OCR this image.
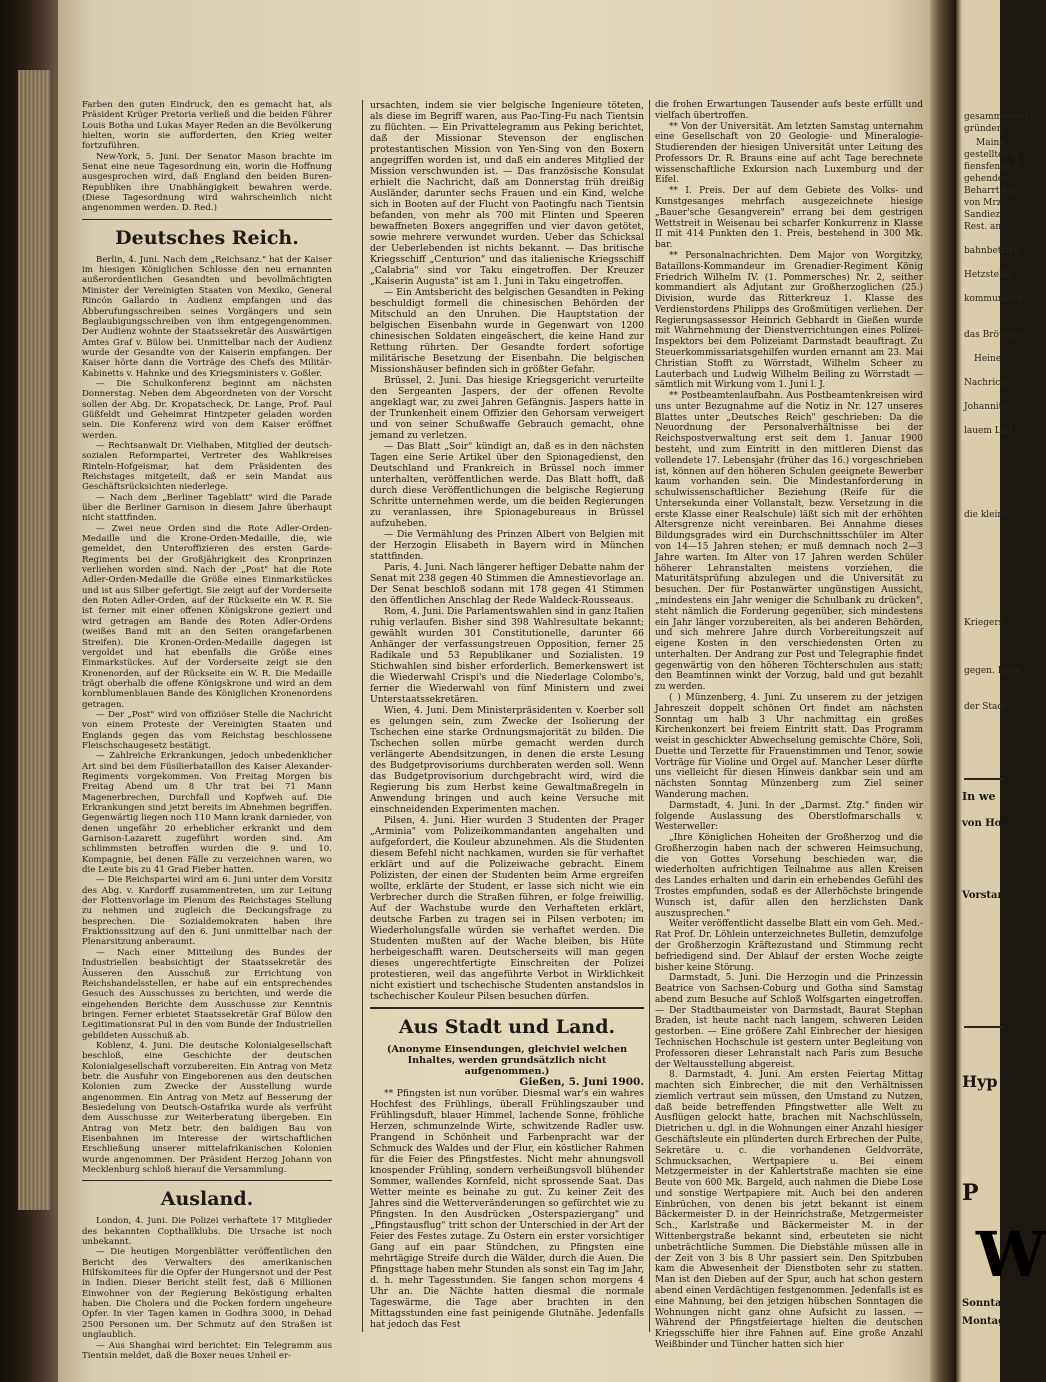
Farben den guten Eindruck, den es gemacht hat, als Präsident Krüger Pretoria verließ und die beiden Führer Louis Botha und Lukas Mayer Reden an die Bevölkerung hielten, worin sie aufforderten, den Krieg weiter fortzuführen.

New-York, 5. Juni. Der Senator Mason brachte im Senat eine neue Tagesordnung ein, worin die Hoffnung ausgesprochen wird, daß England den beiden Buren-Republiken ihre Unabhängigkeit bewahren werde. (Diese Tagesordnung wird wahrscheinlich nicht angenommen werden. D. Red.)

Deutsches Reich.

Berlin, 4. Juni. Nach dem „Reichsanz." hat der Kaiser im hiesigen Königlichen Schlosse den neu ernannten außerordentlichen Gesandten und bevollmächtigten Minister der Vereinigten Staaten von Mexiko, General Rincón Gallardo in Audienz empfangen und das Abberufungsschreiben seines Vorgängers und sein Beglaubigungsschreiben von ihm entgegengenommen. Der Audienz wohnte der Staatssekretär des Auswärtigen Amtes Graf v. Bülow bei. Unmittelbar nach der Audienz wurde der Gesandte von der Kaiserin empfangen. Der Kaiser hörte dann die Vorträge des Chefs des Militär-Kabinetts v. Hahnke und des Kriegsministers v. Goßler.

— Die Schulkonferenz beginnt am nächsten Donnerstag. Neben dem Abgeordneten von der Vorscht sollen der Abg. Dr. Kropatscheck, Dr. Lange, Prof. Paul Güßfeldt und Geheimrat Hintzpeter geladen worden sein. Die Konferenz wird von dem Kaiser eröffnet werden.

— Rechtsanwalt Dr. Vielhaben, Mitglied der deutsch-sozialen Reformpartei, Vertreter des Wahlkreises Rinteln-Hofgeismar, hat dem Präsidenten des Reichstages mitgeteilt, daß er sein Mandat aus Geschäftsrücksichten niederlege.

— Nach dem „Berliner Tageblatt" wird die Parade über die Berliner Garnison in diesem Jahre überhaupt nicht stattfinden.

— Zwei neue Orden sind die Rote Adler-Orden-Medaille und die Krone-Orden-Medaille, die, wie gemeldet, den Unteroffizieren des ersten Garde-Regiments bei der Großjährigkeit des Kronprinzen verliehen worden sind. Nach der „Post" hat die Rote Adler-Orden-Medaille die Größe eines Einmarkstückes und ist aus Silber gefertigt. Sie zeigt auf der Vorderseite den Roten Adler-Orden, auf der Rückseite ein W. R. Sie ist ferner mit einer offenen Königskrone geziert und wird getragen am Bande des Roten Adler-Ordens (weißes Band mit an den Seiten orangefarbenen Streifen). Die Kronen-Orden-Medaille dagegen ist vergoldet und hat ebenfalls die Größe eines Einmarkstückes. Auf der Vorderseite zeigt sie den Kronenorden, auf der Rückseite ein W. R. Die Medaille trägt oberhalb die offene Königskrone und wird an dem kornblumenblauen Bande des Königlichen Kronenordens getragen.

— Der „Post" wird von offiziöser Stelle die Nachricht von einem Proteste der Vereinigten Staaten und Englands gegen das vom Reichstag beschlossene Fleischschaugesetz bestätigt.

— Zahlreiche Erkrankungen, jedoch unbedenklicher Art sind bei dem Füsilierbataillon des Kaiser Alexander-Regiments vorgekommen. Von Freitag Morgen bis Freitag Abend um 8 Uhr trat bei 71 Mann Magenerbrechen, Durchfall und Kopfweh auf. Die Erkrankungen sind jetzt bereits im Abnehmen begriffen. Gegenwärtig liegen noch 110 Mann krank darnieder, von denen ungefähr 20 erheblicher erkrankt und dem Garnison-Lazarett zugeführt worden sind. Am schlimmsten betroffen wurden die 9. und 10. Kompagnie, bei denen Fälle zu verzeichnen waren, wo die Leute bis zu 41 Grad Fieber hatten.

— Die Reichspartei wird am 6. Juni unter dem Vorsitz des Abg. v. Kardorff zusammentreten, um zur Leitung der Flottenvorlage im Plenum des Reichstages Stellung zu nehmen und zugleich die Deckungsfrage zu besprechen. Die Sozialdemokraten haben ihre Fraktionssitzung auf den 6. Juni unmittelbar nach der Plenarsitzung anberaumt.

— Nach einer Mitteilung des Bundes der Industriellen beabsichtigt der Staatssekretär des Äusseren den Ausschuß zur Errichtung von Reichshandelsstellen, er habe auf ein entsprechendes Gesuch des Ausschusses zu berichten, und werde die eingehenden Berichte dem Ausschusse zur Kenntnis bringen. Ferner erbietet Staatssekretär Graf Bülow den Legitimationsrat Pul in den vom Bunde der Industriellen gebildeten Ausschuß ab.

Koblenz, 4. Juni. Die deutsche Kolonialgesellschaft beschloß, eine Geschichte der deutschen Kolonialgesellschaft vorzubereiten. Ein Antrag von Metz betr. die Ausfuhr von Eingeborenen aus den deutschen Kolonien zum Zwecke der Ausstellung wurde angenommen. Ein Antrag von Metz auf Besserung der Besiedelung von Deutsch-Ostafrika wurde als verfrüht dem Ausschusse zur Weiterberatung übergeben. Ein Antrag von Metz betr. den baldigen Bau von Eisenbahnen im Interesse der wirtschaftlichen Erschließung unserer mittelafrikanischen Kolonien wurde angenommen. Der Präsident Herzog Johann von Mecklenburg schloß hierauf die Versammlung.

Ausland.

London, 4. Juni. Die Polizei verhaftete 17 Mitglieder des bekannten Copthallklubs. Die Ursache ist noch unbekannt.

— Die heutigen Morgenblätter veröffentlichen den Bericht des Verwalters des amerikanischen Hilfskomitees für die Opfer der Hungersnot und der Pest in Indien. Dieser Bericht stellt fest, daß 6 Millionen Einwohner von der Regierung Beköstigung erhalten haben. Die Cholera und die Pocken fordern ungeheure Opfer. In vier Tagen kamen in Godhra 3000, in Dehad 2500 Personen um. Der Schmutz auf den Straßen ist unglaublich.

— Aus Shanghai wird berichtet: Ein Telegramm aus Tientsin meldet, daß die Boxer neues Unheil er-

ursachten, indem sie vier belgische Ingenieure töteten, als diese im Begriff waren, aus Pao-Ting-Fu nach Tientsin zu flüchten. — Ein Privattelegramm aus Peking berichtet, daß der Missionar Stevenson der englischen protestantischen Mission von Yen-Sing von den Boxern angegriffen worden ist, und daß ein anderes Mitglied der Mission verschwunden ist. — Das französische Konsulat erhielt die Nachricht, daß am Donnerstag früh dreißig Ausländer, darunter sechs Frauen und ein Kind, welche sich in Booten auf der Flucht von Paotingfu nach Tientsin befanden, von mehr als 700 mit Flinten und Speeren bewaffneten Boxers angegriffen und vier davon getötet, sowie mehrere verwundet wurden. Ueber das Schicksal der Ueberlebenden ist nichts bekannt. — Das britische Kriegsschiff „Centurion" und das italienische Kriegsschiff „Calabria" sind vor Taku eingetroffen. Der Kreuzer „Kaiserin Augusta" ist am 1. Juni in Taku eingetroffen.

— Ein Amtsbericht des belgischen Gesandten in Peking beschuldigt formell die chinesischen Behörden der Mitschuld an den Unruhen. Die Hauptstation der belgischen Eisenbahn wurde in Gegenwart von 1200 chinesischen Soldaten eingeäschert, die keine Hand zur Rettung rührten. Der Gesandte fordert sofortige militärische Besetzung der Eisenbahn. Die belgischen Missionshäuser befinden sich in größter Gefahr.

Brüssel, 2. Juni. Das hiesige Kriegsgericht verurteilte den Sergeanten Jaspers, der der offenen Revolte angeklagt war, zu zwei Jahren Gefängnis. Jaspers hatte in der Trunkenheit einem Offizier den Gehorsam verweigert und von seiner Schußwaffe Gebrauch gemacht, ohne jemand zu verletzen.

— Das Blatt „Soir" kündigt an, daß es in den nächsten Tagen eine Serie Artikel über den Spionagedienst, den Deutschland und Frankreich in Brüssel noch immer unterhalten, veröffentlichen werde. Das Blatt hofft, daß durch diese Veröffentlichungen die belgische Regierung Schritte unternehmen werde, um die beiden Regierungen zu veranlassen, ihre Spionagebureaus in Brüssel aufzuheben.

— Die Vermählung des Prinzen Albert von Belgien mit der Herzogin Elisabeth in Bayern wird in München stattfinden.

Paris, 4. Juni. Nach längerer heftiger Debatte nahm der Senat mit 238 gegen 40 Stimmen die Amnestievorlage an. Der Senat beschloß sodann mit 178 gegen 41 Stimmen den öffentlichen Anschlag der Rede Waldeck-Rousseaus.

Rom, 4. Juni. Die Parlamentswahlen sind in ganz Italien ruhig verlaufen. Bisher sind 398 Wahlresultate bekannt; gewählt wurden 301 Constitutionelle, darunter 66 Anhänger der verfassungstreuen Opposition, ferner 25 Radikale und 53 Republikaner und Sozialisten. 19 Stichwahlen sind bisher erforderlich. Bemerkenswert ist die Wiederwahl Crispi's und die Niederlage Colombo's, ferner die Wiederwahl von fünf Ministern und zwei Unterstaatssekretären.

Wien, 4. Juni. Dem Ministerpräsidenten v. Koerber soll es gelungen sein, zum Zwecke der Isolierung der Tschechen eine starke Ordnungsmajorität zu bilden. Die Tschechen sollen mürbe gemacht werden durch verlängerte Abendsitzungen, in denen die erste Lesung des Budgetprovisoriums durchberaten werden soll. Wenn das Budgetprovisorium durchgebracht wird, wird die Regierung bis zum Herbst keine Gewaltmaßregeln in Anwendung bringen und auch keine Versuche mit einschneidenden Experimenten machen.

Pilsen, 4. Juni. Hier wurden 3 Studenten der Prager „Arminia" vom Polizeikommandanten angehalten und aufgefordert, die Kouleur abzunehmen. Als die Studenten diesem Befehl nicht nachkamen, wurden sie für verhaftet erklärt und auf die Polizeiwache gebracht. Einem Polizisten, der einen der Studenten beim Arme ergreifen wollte, erklärte der Student, er lasse sich nicht wie ein Verbrecher durch die Straßen führen, er folge freiwillig. Auf der Wachstube wurde den Verhafteten erklärt, deutsche Farben zu tragen sei in Pilsen verboten; im Wiederholungsfalle würden sie verhaftet werden. Die Studenten mußten auf der Wache bleiben, bis Hüte herbeigeschafft waren. Deutscherseits will man gegen dieses ungerechtfertigte Einschreiten der Polizei protestieren, weil das angeführte Verbot in Wirklichkeit nicht existiert und tschechische Studenten anstandslos in tschechischer Kouleur Pilsen besuchen dürfen.

Aus Stadt und Land.

(Anonyme Einsendungen, gleichviel welchen Inhaltes, werden grundsätzlich nicht aufgenommen.)

Gießen, 5. Juni 1900.

** Pfingsten ist nun vorüber. Diesmal war's ein wahres Hochfest des Frühlings, überall Frühlingszauber und Frühlingsduft, blauer Himmel, lachende Sonne, fröhliche Herzen, schmunzelnde Wirte, schwitzende Radler usw. Prangend in Schönheit und Farbenpracht war der Schmuck des Waldes und der Flur, ein köstlicher Rahmen für die Feier des Pfingstfestes. Nicht mehr ahnungsvoll knospender Frühling, sondern verheißungsvoll blühender Sommer, wallendes Kornfeld, nicht sprossende Saat. Das Wetter meinte es beinahe zu gut. Zu keiner Zeit des Jahres sind die Wetterveränderungen so gefürchtet wie zu Pfingsten. In den Ausdrücken „Osterspaziergang" und „Pfingstausflug" tritt schon der Unterschied in der Art der Feier des Festes zutage. Zu Ostern ein erster vorsichtiger Gang auf ein paar Stündchen, zu Pfingsten eine mehrtägige Streife durch die Wälder, durch die Auen. Die Pfingsttage haben mehr Stunden als sonst ein Tag im Jahr, d. h. mehr Tagesstunden. Sie fangen schon morgens 4 Uhr an. Die Nächte hatten diesmal die normale Tageswärme, die Tage aber brachten in den Mittagsstunden eine fast peinigende Glutnähe. Jedenfalls hat jedoch das Fest

die frohen Erwartungen Tausender aufs beste erfüllt und vielfach übertroffen.

** Von der Universität. Am letzten Samstag unternahm eine Gesellschaft von 20 Geologie- und Mineralogie-Studierenden der hiesigen Universität unter Leitung des Professors Dr. R. Brauns eine auf acht Tage berechnete wissenschaftliche Exkursion nach Luxemburg und der Eifel.

** I. Preis. Der auf dem Gebiete des Volks- und Kunstgesanges mehrfach ausgezeichnete hiesige „Bauer'sche Gesangverein" errang bei dem gestrigen Wettstreit in Weisenau bei scharfer Konkurrenz in Klasse II mit 414 Punkten den 1. Preis, bestehend in 300 Mk. bar.

** Personalnachrichten. Dem Major von Worgitzky, Bataillons-Kommandeur im Grenadier-Regiment König Friedrich Wilhelm IV. (1. Pommersches) Nr. 2, seither kommandiert als Adjutant zur Großherzoglichen (25.) Division, wurde das Ritterkreuz 1. Klasse des Verdienstordens Philipps des Großmütigen verliehen. Der Regierungsassessor Heinrich Gebhardt in Gießen wurde mit Wahrnehmung der Dienstverrichtungen eines Polizei-Inspektors bei dem Polizeiamt Darmstadt beauftragt. Zu Steuerkommissariatsgehilfen wurden ernannt am 23. Mai Christian Stofft zu Wörrstadt, Wilhelm Scheer zu Lauterbach und Ludwig Wilhelm Beiling zu Wörrstadt — sämtlich mit Wirkung vom 1. Juni l. J.

** Postbeamtenlaufbahn. Aus Postbeamtenkreisen wird uns unter Bezugnahme auf die Notiz in Nr. 127 unseres Blattes unter „Deutsches Reich" geschrieben: Da die Neuordnung der Personalverhältnisse bei der Reichspostverwaltung erst seit dem 1. Januar 1900 besteht, und zum Eintritt in den mittleren Dienst das vollendete 17. Lebensjahr (früher das 16.) vorgeschrieben ist, können auf den höheren Schulen geeignete Bewerber kaum vorhanden sein. Die Mindestanforderung in schulwissenschaftlicher Beziehung (Reife für die Untersekunda einer Vollanstalt, bezw. Versetzung in die erste Klasse einer Realschule) läßt sich mit der erhöhten Altersgrenze nicht vereinbaren. Bei Annahme dieses Bildungsgrades wird ein Durchschnittsschüler im Alter von 14—15 Jahren stehen; er muß demnach noch 2—3 Jahre warten. Im Alter von 17 Jahren werden Schüler höherer Lehranstalten meistens vorziehen, die Maturitätsprüfung abzulegen und die Universität zu besuchen. Der für Postanwärter ungünstigen Aussicht, „mindestens ein Jahr weniger die Schulbank zu drücken", steht nämlich die Forderung gegenüber, sich mindestens ein Jahr länger vorzubereiten, als bei anderen Behörden, und sich mehrere Jahre durch Vorbereitungszeit auf eigene Kosten in den verschiedensten Orten zu unterhalten. Der Andrang zur Post und Telegraphie findet gegenwärtig von den höheren Töchterschulen aus statt; den Beamtinnen winkt der Vorzug, bald und gut bezahlt zu werden.

( ) Münzenberg, 4. Juni. Zu unserem zu der jetzigen Jahreszeit doppelt schönen Ort findet am nächsten Sonntag um halb 3 Uhr nachmittag ein großes Kirchenkonzert bei freiem Eintritt statt. Das Programm weist in geschickter Abwechselung gemischte Chöre, Soli, Duette und Terzette für Frauenstimmen und Tenor, sowie Vorträge für Violine und Orgel auf. Mancher Leser dürfte uns vielleicht für diesen Hinweis dankbar sein und am nächsten Sonntag Münzenberg zum Ziel seiner Wanderung machen.

Darmstadt, 4. Juni. In der „Darmst. Ztg." finden wir folgende Auslassung des Oberstlofmarschalls v. Westerweller:

„Ihre Königlichen Hoheiten der Großherzog und die Großherzogin haben nach der schweren Heimsuchung, die von Gottes Vorsehung beschieden war, die wiederholten aufrichtigen Teilnahme aus allen Kreisen des Landes erhalten und darin ein erhebendes Gefühl des Trostes empfunden, sodaß es der Allerhöchste bringende Wunsch ist, dafür allen den herzlichsten Dank auszusprechen."

Weiter veröffentlicht dasselbe Blatt ein vom Geh. Med.-Rat Prof. Dr. Löhlein unterzeichnetes Bulletin, demzufolge der Großherzogin Kräftezustand und Stimmung recht befriedigend sind. Der Ablauf der ersten Woche zeigte bisher keine Störung.

Darmstadt, 5. Juni. Die Herzogin und die Prinzessin Beatrice von Sachsen-Coburg und Gotha sind Samstag abend zum Besuche auf Schloß Wolfsgarten eingetroffen. — Der Stadtbaumeister von Darmstadt, Baurat Stephan Braden, ist heute nacht nach langem, schweren Leiden gestorben. — Eine größere Zahl Einbrecher der hiesigen Technischen Hochschule ist gestern unter Begleitung von Professoren dieser Lehranstalt nach Paris zum Besuche der Weltausstellung abgereist.

8. Darmstadt, 4. Juni. Am ersten Feiertag Mittag machten sich Einbrecher, die mit den Verhältnissen ziemlich vertraut sein müssen, den Umstand zu Nutzen, daß beide betreffenden Pfingstwetter alle Welt zu Ausflügen gelockt hatte, brachen mit Nachschlüsseln, Dietrichen u. dgl. in die Wohnungen einer Anzahl hiesiger Geschäftsleute ein plünderten durch Erbrechen der Pulte, Sekretäre u. c. die vorhandenen Geldvorräte, Schmucksachen, Wertpapiere u. Bei einem Metzgermeister in der Kahlertstraße machten sie eine Beute von 600 Mk. Bargeld, auch nahmen die Diebe Lose und sonstige Wertpapiere mit. Auch bei den anderen Einbrüchen, von denen bis jetzt bekannt ist einem Bäckermeister D. in der Heinrichstraße, Metzgermeister Sch., Karlstraße und Bäckermeister M. in der Wittenbergstraße bekannt sind, erbeuteten sie nicht unbeträchtliche Summen. Die Diebstähle müssen alle in der Zeit von 3 bis 8 Uhr passiert sein. Den Spitzbuben kam die Abwesenheit der Dienstboten sehr zu statten. Man ist den Dieben auf der Spur, auch hat schon gestern abend einen Verdächtigen festgenommen. Jedenfalls ist es eine Mahnung, bei den jetzigen hübschen Sonntagen die Wohnungen nicht ganz ohne Aufsicht zu lassen. — Während der Pfingstfeiertage hielten die deutschen Kriegsschiffe hier ihre Fahnen auf. Eine große Anzahl Weißbinder und Tüncher hatten sich hier

gesammengekl
gründen.
Mains
gestellten d
fiensfenen e
gehenden
Beharrt bei
von Mrz
Sandiez
Rest. an
bahnbetrieb
Hetzstelle
kommunalen
das Brötener
Heine
Nachricht
Johannite
lauem Lad
die kleine
Kriegers
gegen. Beue
der Stadt
In we
von Hofga
Vorstand
Hyp
P
W
Sonntag
Montag
